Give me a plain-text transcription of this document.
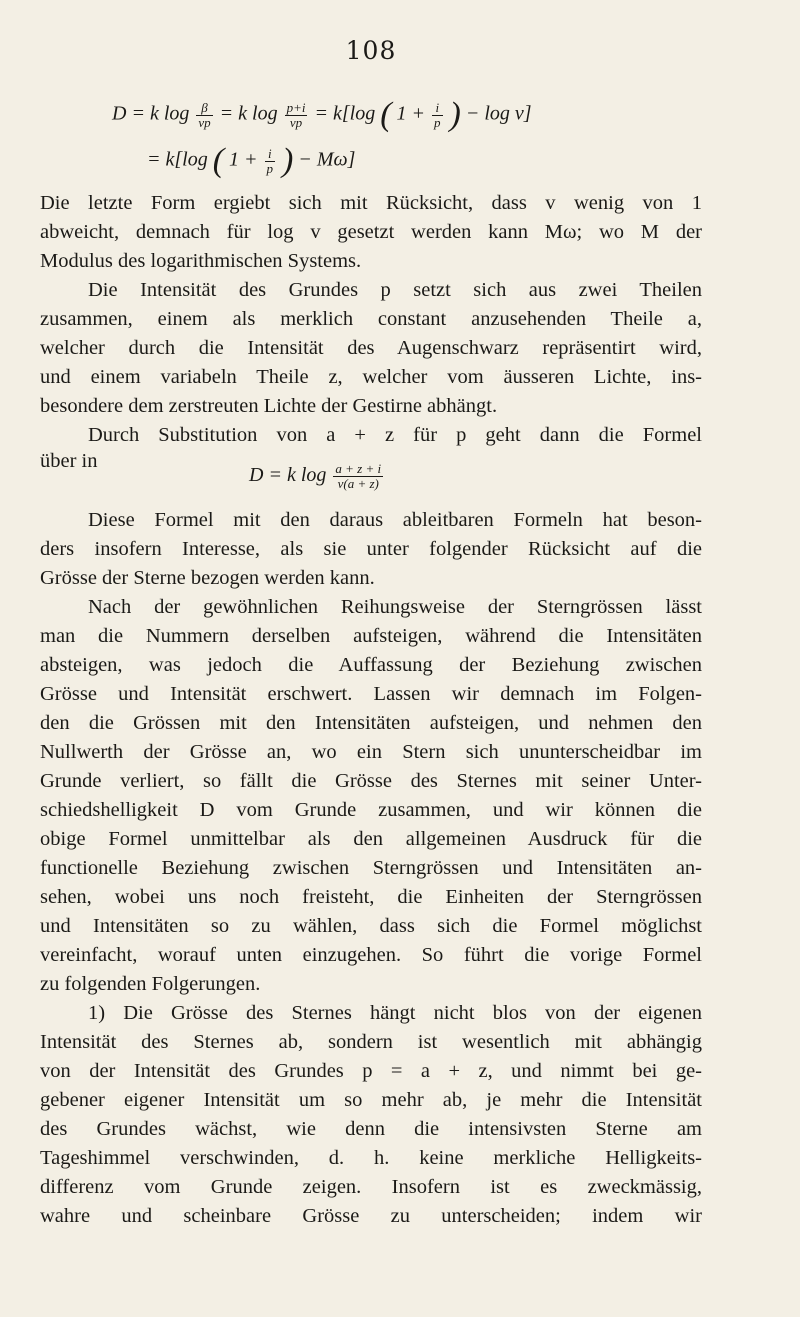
108
D = k $\log \frac{\beta}{vp} = k$ $\log \frac{p+i}{vp} = k[\log$ ( $1 + \frac{i}{p}$ ) − log v]
= k[log ( $1 + \frac{i}{p}$ ) − Mω]
Die letzte Form ergiebt sich mit Rücksicht, dass v wenig von 1
abweicht, demnach für log v gesetzt werden kann Mω; wo M der
Modulus des logarithmischen Systems.
Die Intensität des Grundes p setzt sich aus zwei Theilen
zusammen, einem als merklich constant anzusehenden Theile a,
welcher durch die Intensität des Augenschwarz repräsentirt wird,
und einem variabeln Theile z, welcher vom äusseren Lichte, ins-
besondere dem zerstreuten Lichte der Gestirne abhängt.
Durch Substitution von a + z für p geht dann die Formel
über in
D = k $\log \frac{a + z + i}{v(a + z)}$
Diese Formel mit den daraus ableitbaren Formeln hat beson-
ders insofern Interesse, als sie unter folgender Rücksicht auf die
Grösse der Sterne bezogen werden kann.
Nach der gewöhnlichen Reihungsweise der Sterngrössen lässt
man die Nummern derselben aufsteigen, während die Intensitäten
absteigen, was jedoch die Auffassung der Beziehung zwischen
Grösse und Intensität erschwert. Lassen wir demnach im Folgen-
den die Grössen mit den Intensitäten aufsteigen, und nehmen den
Nullwerth der Grösse an, wo ein Stern sich ununterscheidbar im
Grunde verliert, so fällt die Grösse des Sternes mit seiner Unter-
schiedshelligkeit D vom Grunde zusammen, und wir können die
obige Formel unmittelbar als den allgemeinen Ausdruck für die
functionelle Beziehung zwischen Sterngrössen und Intensitäten an-
sehen, wobei uns noch freisteht, die Einheiten der Sterngrössen
und Intensitäten so zu wählen, dass sich die Formel möglichst
vereinfacht, worauf unten einzugehen. So führt die vorige Formel
zu folgenden Folgerungen.
1) Die Grösse des Sternes hängt nicht blos von der eigenen
Intensität des Sternes ab, sondern ist wesentlich mit abhängig
von der Intensität des Grundes p = a + z, und nimmt bei ge-
gebener eigener Intensität um so mehr ab, je mehr die Intensität
des Grundes wächst, wie denn die intensivsten Sterne am
Tageshimmel verschwinden, d. h. keine merkliche Helligkeits-
differenz vom Grunde zeigen. Insofern ist es zweckmässig,
wahre und scheinbare Grösse zu unterscheiden; indem wir
